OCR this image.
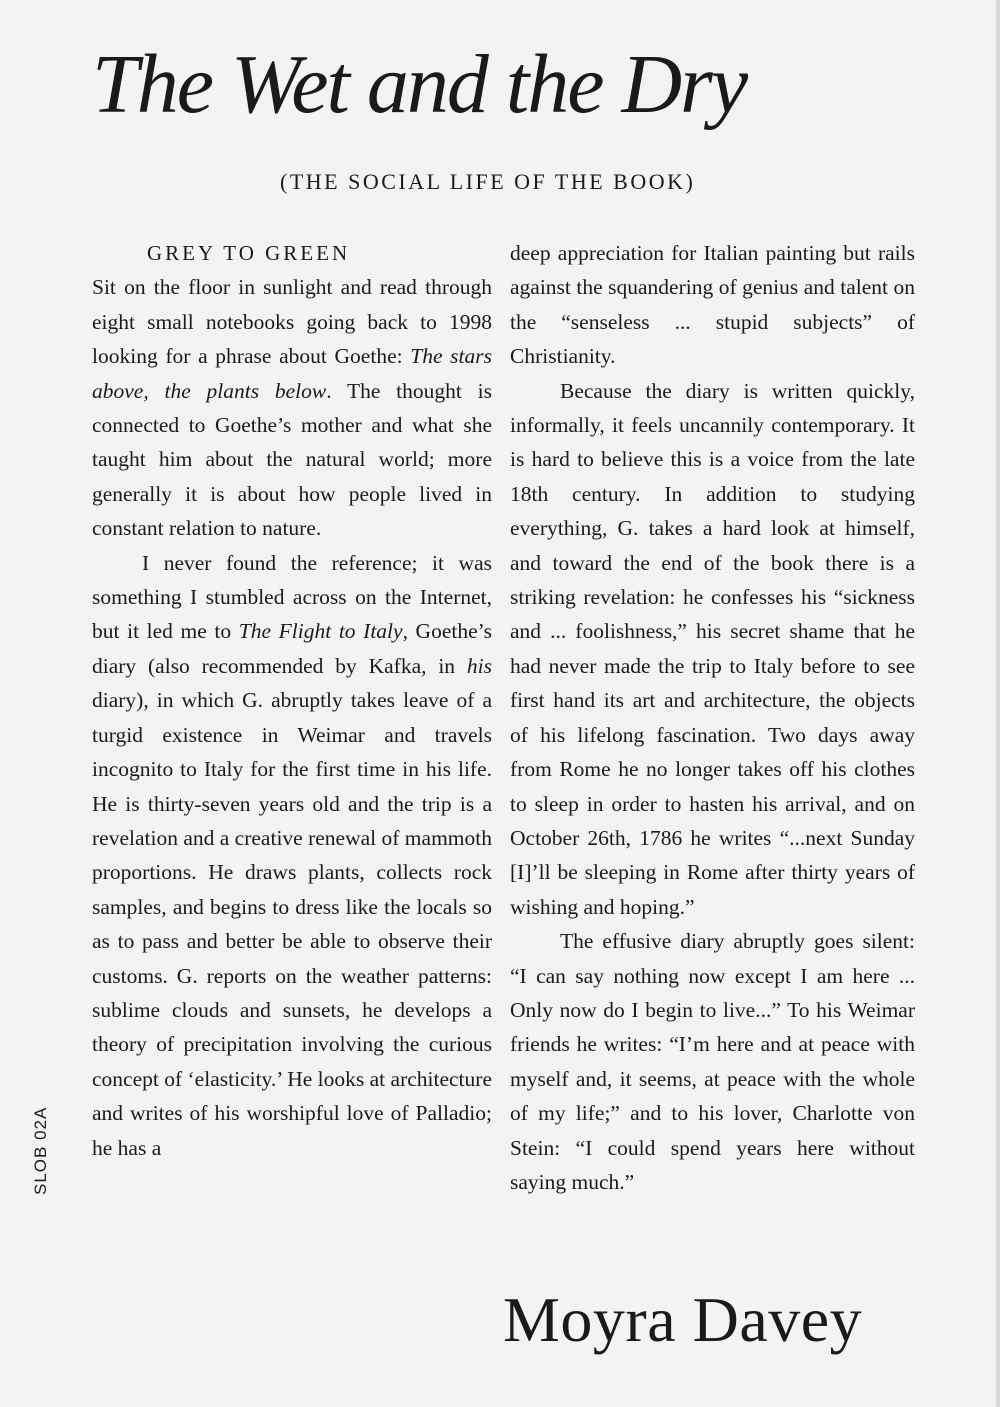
The Wet and the Dry
(THE SOCIAL LIFE OF THE BOOK)
GREY TO GREEN

Sit on the floor in sunlight and read through eight small notebooks going back to 1998 looking for a phrase about Goethe: The stars above, the plants below. The thought is connected to Goethe’s mother and what she taught him about the natural world; more generally it is about how people lived in constant relation to nature.

I never found the reference; it was something I stumbled across on the Internet, but it led me to The Flight to Italy, Goethe’s diary (also recommended by Kafka, in his diary), in which G. abruptly takes leave of a turgid existence in Weimar and travels incognito to Italy for the first time in his life. He is thirty-seven years old and the trip is a revelation and a creative renewal of mammoth proportions. He draws plants, collects rock samples, and begins to dress like the locals so as to pass and better be able to observe their customs. G. reports on the weather patterns: sublime clouds and sunsets, he develops a theory of precipitation involving the curious concept of ‘elasticity.’ He looks at architecture and writes of his worshipful love of Palladio; he has a

deep appreciation for Italian painting but rails against the squandering of genius and talent on the “senseless ... stupid subjects” of Christianity.

Because the diary is written quickly, informally, it feels uncannily contemporary. It is hard to believe this is a voice from the late 18th century. In addition to studying everything, G. takes a hard look at himself, and toward the end of the book there is a striking revelation: he confesses his “sickness and ... foolishness,” his secret shame that he had never made the trip to Italy before to see first hand its art and architecture, the objects of his lifelong fascination. Two days away from Rome he no longer takes off his clothes to sleep in order to hasten his arrival, and on October 26th, 1786 he writes “...next Sunday [I]’ll be sleeping in Rome after thirty years of wishing and hoping.”

The effusive diary abruptly goes silent: “I can say nothing now except I am here ... Only now do I begin to live...” To his Weimar friends he writes: “I’m here and at peace with myself and, it seems, at peace with the whole of my life;” and to his lover, Charlotte von Stein: “I could spend years here without saying much.”

Moyra Davey
SLOB 02A
